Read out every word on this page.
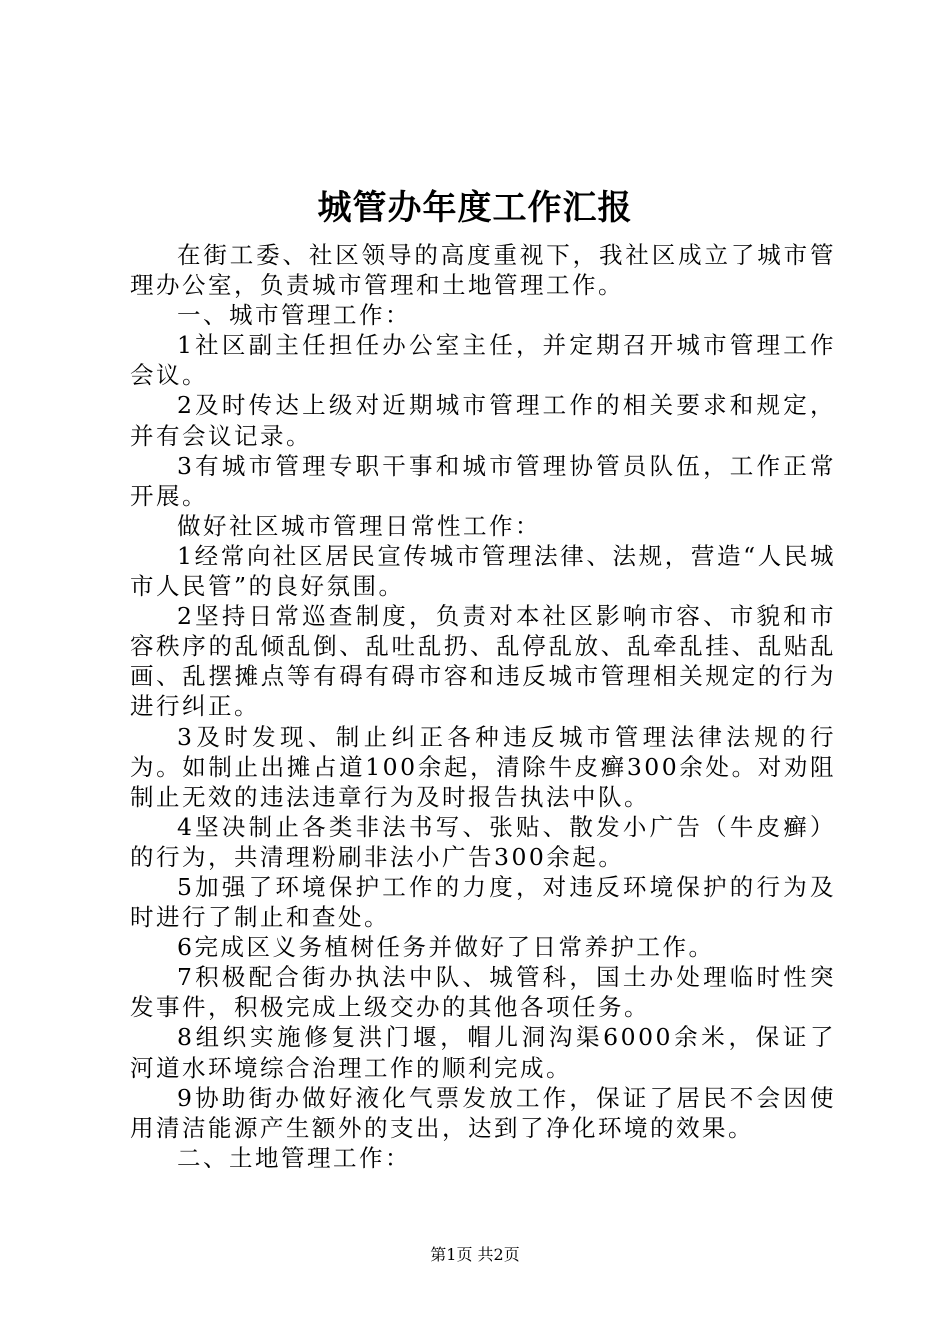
城管办年度工作汇报

在街工委、社区领导的高度重视下，我社区成立了城市管理办公室，负责城市管理和土地管理工作。

一、城市管理工作：

1社区副主任担任办公室主任，并定期召开城市管理工作会议。

2及时传达上级对近期城市管理工作的相关要求和规定，并有会议记录。

3有城市管理专职干事和城市管理协管员队伍，工作正常开展。

做好社区城市管理日常性工作：

1经常向社区居民宣传城市管理法律、法规，营造“人民城市人民管”的良好氛围。

2坚持日常巡查制度，负责对本社区影响市容、市貌和市容秩序的乱倾乱倒、乱吐乱扔、乱停乱放、乱牵乱挂、乱贴乱画、乱摆摊点等有碍有碍市容和违反城市管理相关规定的行为进行纠正。

3及时发现、制止纠正各种违反城市管理法律法规的行为。如制止出摊占道100余起，清除牛皮癣300余处。对劝阻制止无效的违法违章行为及时报告执法中队。

4坚决制止各类非法书写、张贴、散发小广告（牛皮癣）的行为，共清理粉刷非法小广告300余起。

5加强了环境保护工作的力度，对违反环境保护的行为及时进行了制止和查处。

6完成区义务植树任务并做好了日常养护工作。

7积极配合街办执法中队、城管科，国土办处理临时性突发事件，积极完成上级交办的其他各项任务。

8组织实施修复洪门堰，帽儿洞沟渠6000余米，保证了河道水环境综合治理工作的顺利完成。

9协助街办做好液化气票发放工作，保证了居民不会因使用清洁能源产生额外的支出，达到了净化环境的效果。

二、土地管理工作：

第1页 共2页
